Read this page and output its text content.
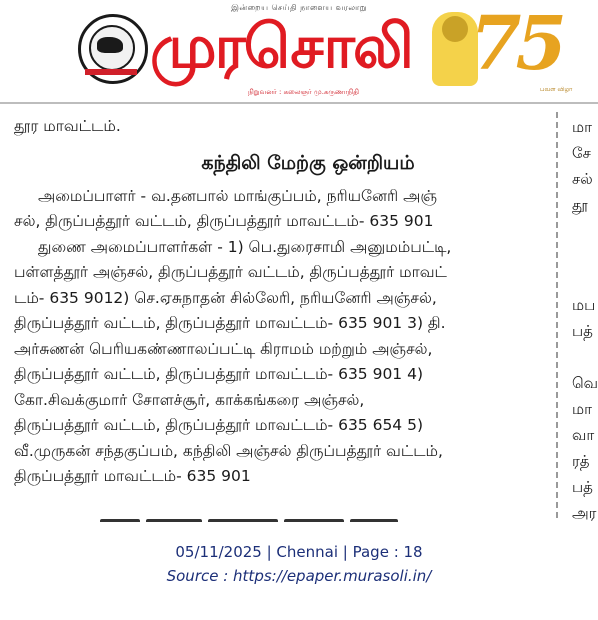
இன்றைய செய்தி நாளைய வரலாறு
முரசொலி
நிறுவனர் : கலைஞர் மு.கருணாநிதி
75
பவள விழா
தூர மாவட்டம்.
கந்திலி மேற்கு ஒன்றியம்
அமைப்பாளர் - வ.தனபால் மாங்குப்பம், நரியனேரி அஞ்
சல், திருப்பத்தூர் வட்டம், திருப்பத்தூர் மாவட்டம்- 635 901
துணை அமைப்பாளர்கள் - 1) பெ.துரைசாமி அனுமம்பட்டி,
பள்ளத்தூர் அஞ்சல், திருப்பத்தூர் வட்டம், திருப்பத்தூர் மாவட்
டம்- 635 9012) செ.ஏசுநாதன் சில்லேரி, நரியனேரி அஞ்சல்,
திருப்பத்தூர் வட்டம், திருப்பத்தூர் மாவட்டம்- 635 901 3) தி.
அர்சுணன் பெரியகண்ணாலப்பட்டி கிராமம் மற்றும் அஞ்சல்,
திருப்பத்தூர் வட்டம், திருப்பத்தூர் மாவட்டம்- 635 901 4)
கோ.சிவக்குமார் சோளச்சூர், காக்கங்கரை அஞ்சல்,
திருப்பத்தூர் வட்டம், திருப்பத்தூர் மாவட்டம்- 635 654 5)
வீ.முருகன் சந்தகுப்பம், கந்திலி அஞ்சல் திருப்பத்தூர் வட்டம்,
திருப்பத்தூர் மாவட்டம்- 635 901
மா
சே
சல்
தூ
மப
பத்
வெ
மா
வா
ரத்
பத்
அர
05/11/2025 | Chennai | Page : 18
Source : https://epaper.murasoli.in/
